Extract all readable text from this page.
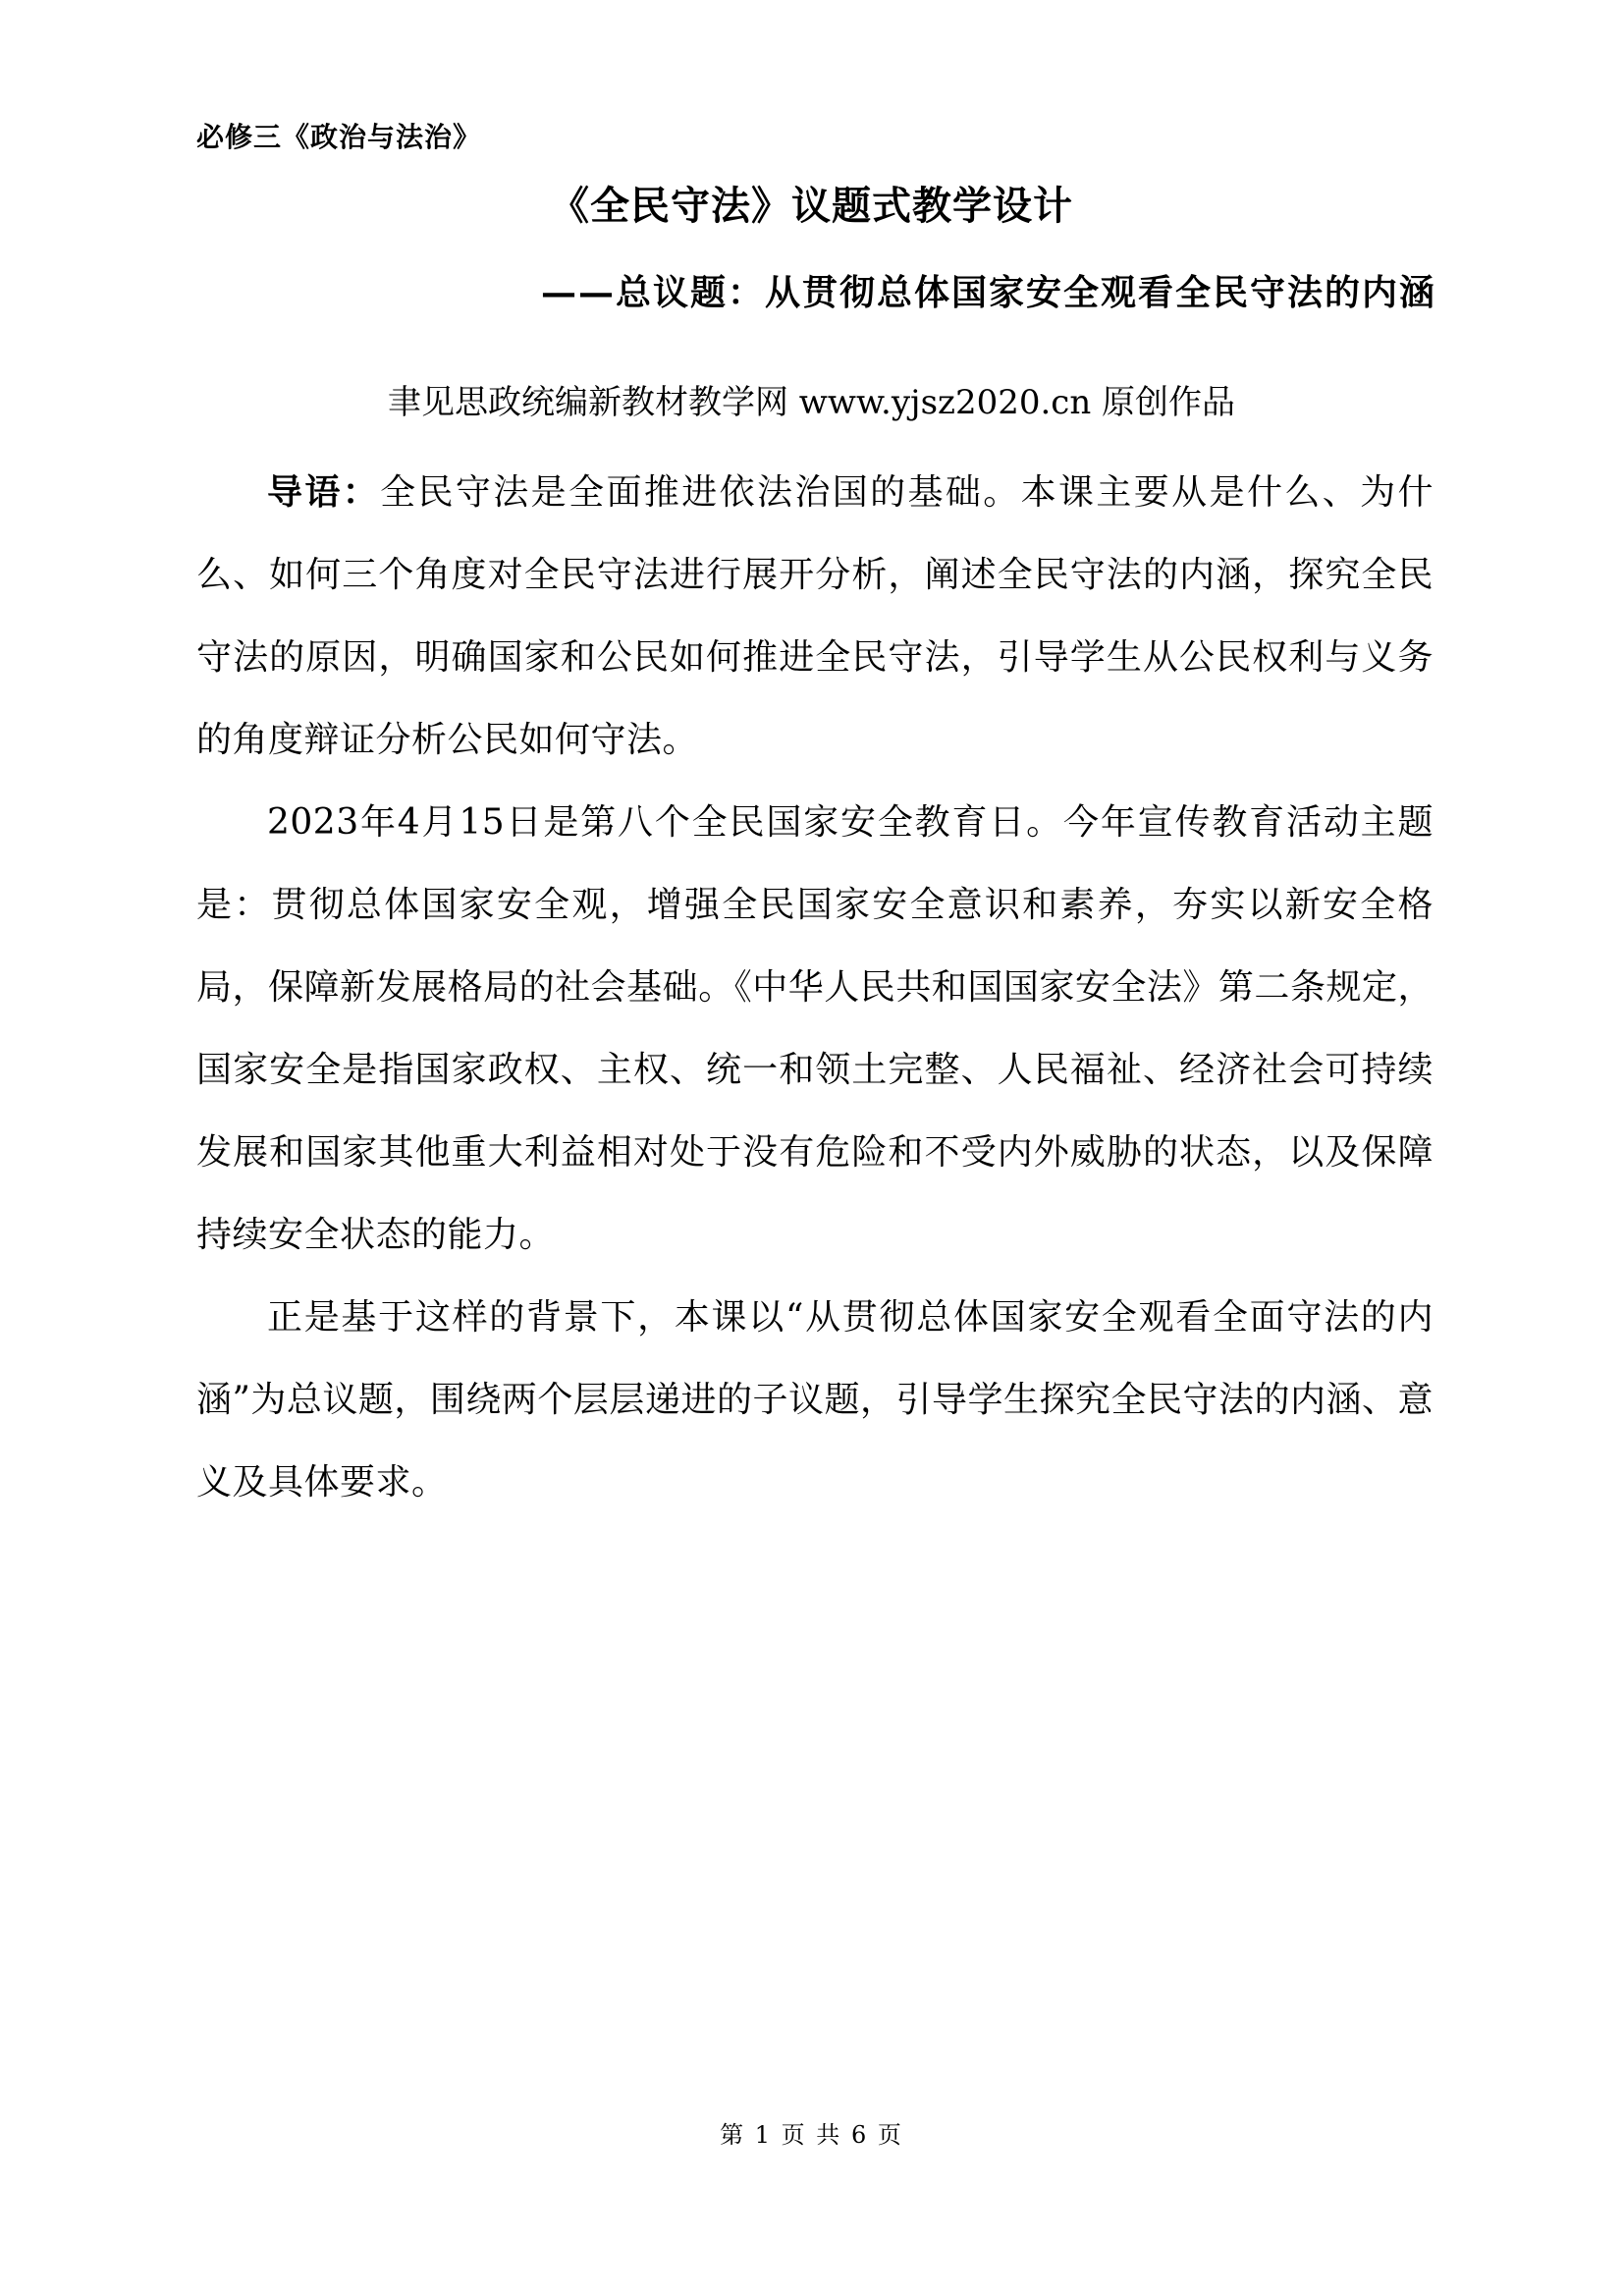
必修三《政治与法治》
《全民守法》议题式教学设计
——总议题：从贯彻总体国家安全观看全民守法的内涵
聿见思政统编新教材教学网 www.yjsz2020.cn 原创作品

导语：全民守法是全面推进依法治国的基础。本课主要从是什么、为什么、如何三个角度对全民守法进行展开分析，阐述全民守法的内涵，探究全民守法的原因，明确国家和公民如何推进全民守法，引导学生从公民权利与义务的角度辩证分析公民如何守法。

2023年4月15日是第八个全民国家安全教育日。今年宣传教育活动主题是：贯彻总体国家安全观，增强全民国家安全意识和素养，夯实以新安全格局，保障新发展格局的社会基础。《中华人民共和国国家安全法》第二条规定，国家安全是指国家政权、主权、统一和领土完整、人民福祉、经济社会可持续发展和国家其他重大利益相对处于没有危险和不受内外威胁的状态，以及保障持续安全状态的能力。

正是基于这样的背景下，本课以“从贯彻总体国家安全观看全面守法的内涵”为总议题，围绕两个层层递进的子议题，引导学生探究全民守法的内涵、意义及具体要求。

第 1 页 共 6 页
